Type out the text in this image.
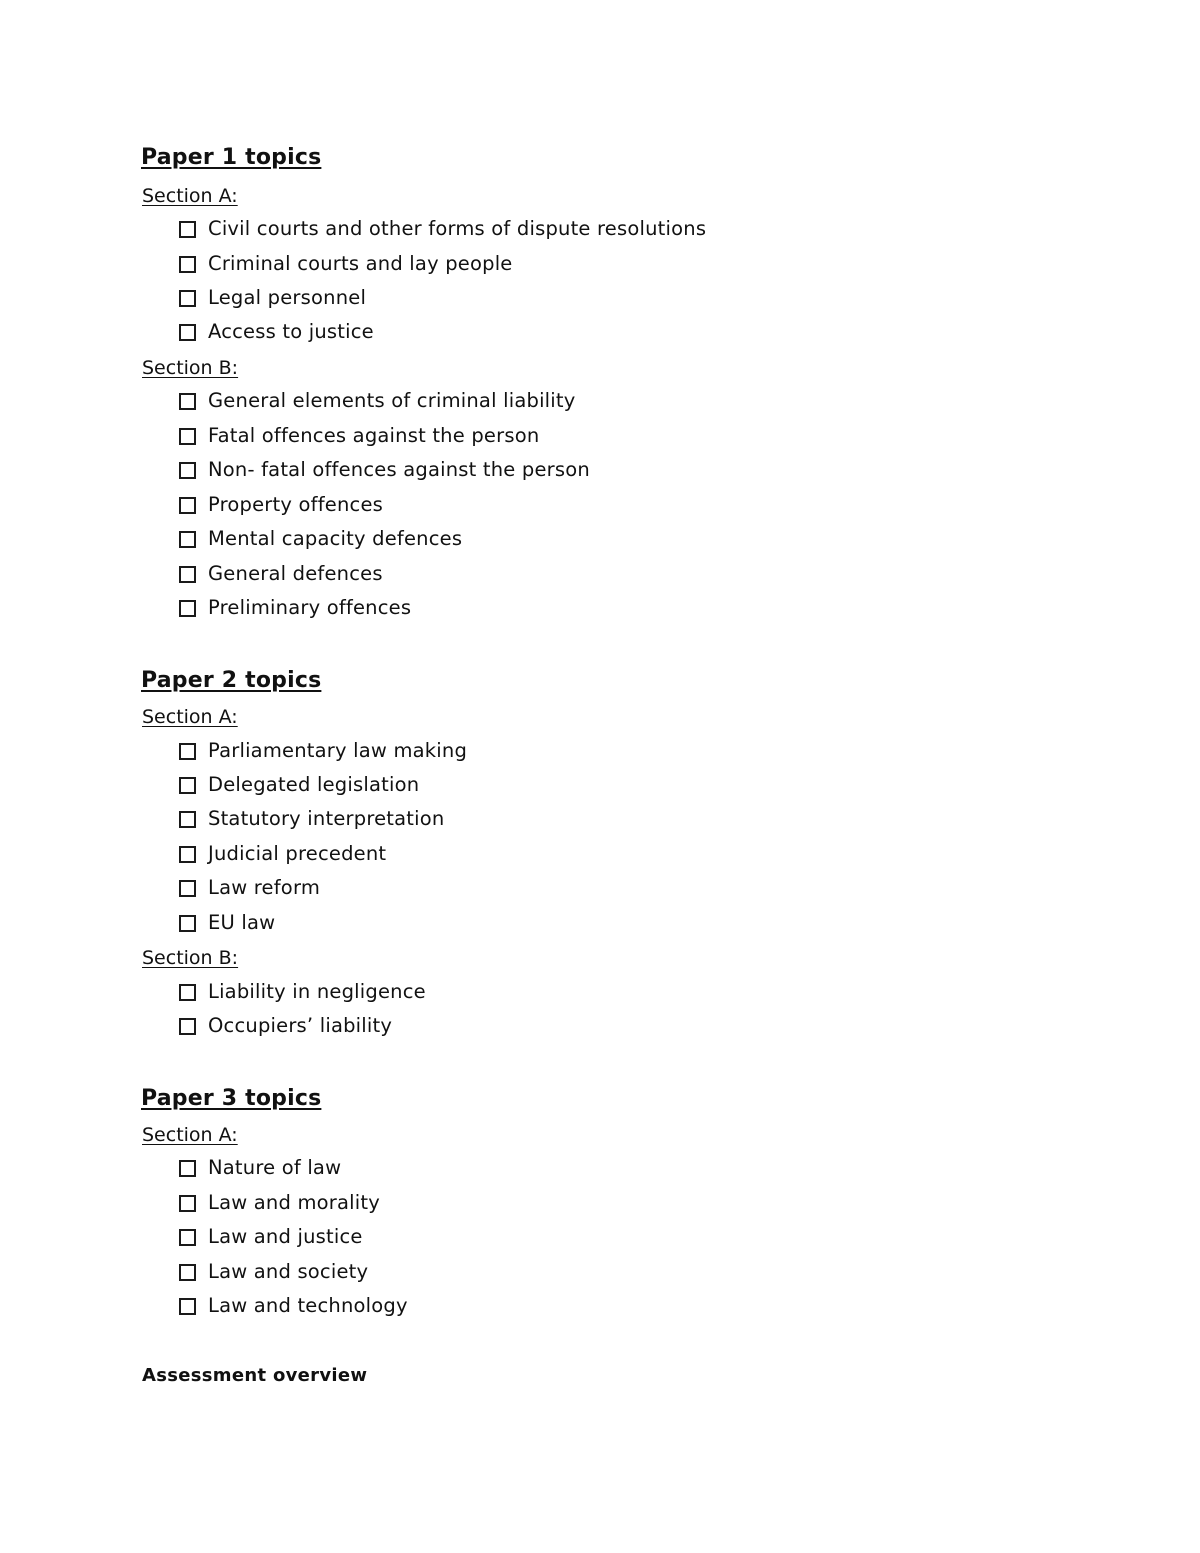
Paper 1 topics

Section A:

Civil courts and other forms of dispute resolutions
Criminal courts and lay people
Legal personnel
Access to justice

Section B:

General elements of criminal liability
Fatal offences against the person
Non- fatal offences against the person
Property offences
Mental capacity defences
General defences
Preliminary offences
Paper 2 topics

Section A:

Parliamentary law making
Delegated legislation
Statutory interpretation
Judicial precedent
Law reform
EU law

Section B:

Liability in negligence
Occupiers’ liability
Paper 3 topics

Section A:

Nature of law
Law and morality
Law and justice
Law and society
Law and technology
Assessment overview
